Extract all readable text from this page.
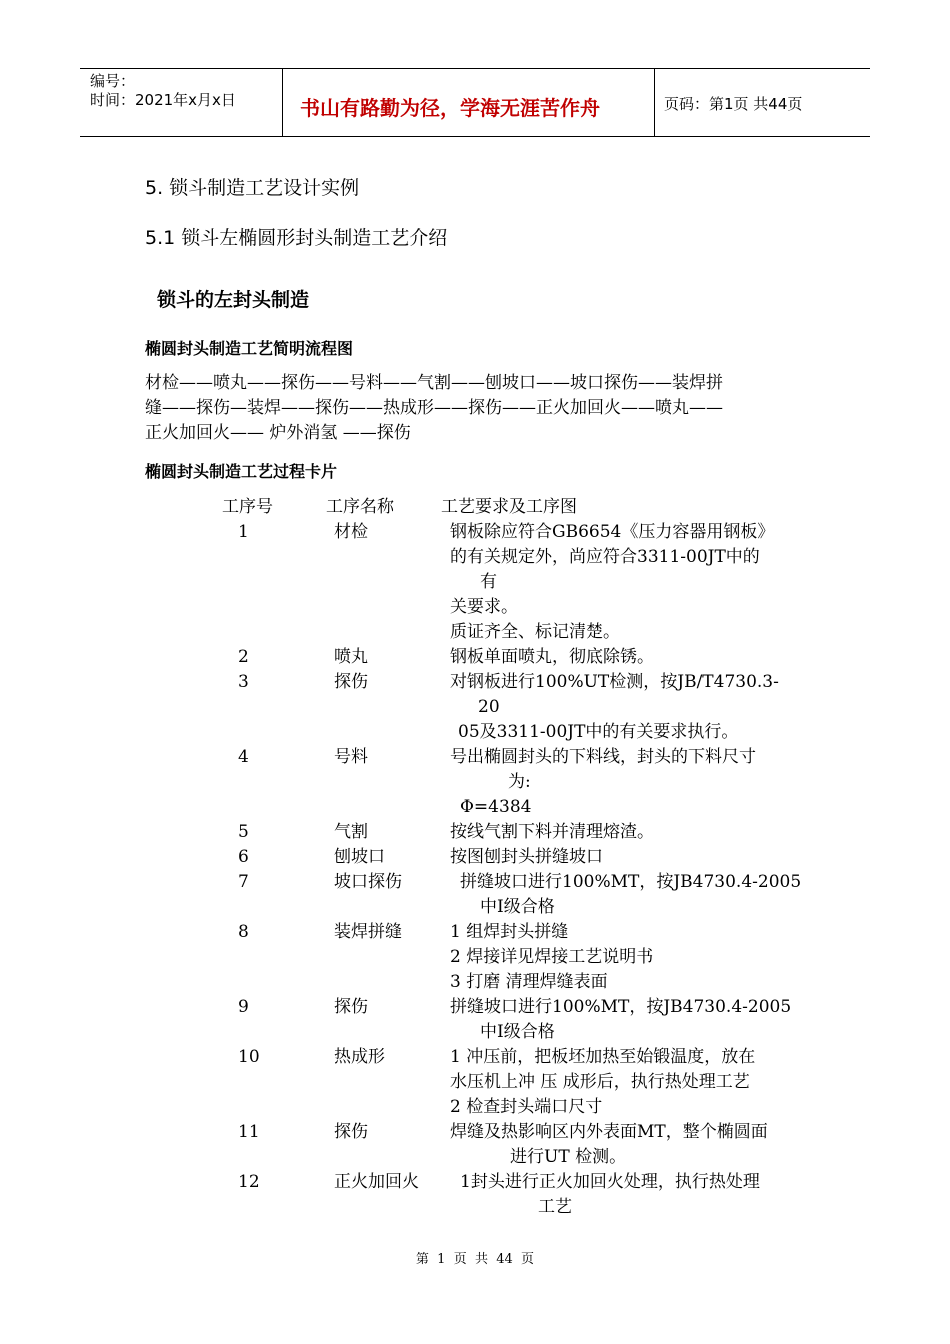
编号：
时间：2021年x月x日	书山有路勤为径，学海无涯苦作舟	页码：第1页 共44页
5. 锁斗制造工艺设计实例
5.1 锁斗左椭圆形封头制造工艺介绍
锁斗的左封头制造
椭圆封头制造工艺简明流程图
材检——喷丸——探伤——号料——气割——刨坡口——坡口探伤——装焊拼
缝——探伤—装焊——探伤——热成形——探伤——正火加回火——喷丸——
正火加回火—— 炉外消氢 ——探伤
椭圆封头制造工艺过程卡片
工序号	工序名称	工艺要求及工序图
1	材检	钢板除应符合GB6654《压力容器用钢板》
的有关规定外，尚应符合3311-00JT中的
有
关要求。
质证齐全、标记清楚。
2	喷丸	钢板单面喷丸，彻底除锈。
3	探伤	对钢板进行100%UT检测，按JB/T4730.3-
20
05及3311-00JT中的有关要求执行。
4	号料	号出椭圆封头的下料线，封头的下料尺寸
为:
Φ=4384
5	气割	按线气割下料并清理熔渣。
6	刨坡口	按图刨封头拼缝坡口
7	坡口探伤	拼缝坡口进行100%MT，按JB4730.4-2005
中Ⅰ级合格
8	装焊拼缝	1 组焊封头拼缝
2 焊接详见焊接工艺说明书
3 打磨 清理焊缝表面
9	探伤	拼缝坡口进行100%MT，按JB4730.4-2005
中Ⅰ级合格
10	热成形	1 冲压前，把板坯加热至始锻温度，放在
水压机上冲 压 成形后，执行热处理工艺
2 检查封头端口尺寸
11	探伤	焊缝及热影响区内外表面MT，整个椭圆面
进行UT 检测。
12	正火加回火 1封头进行正火加回火处理，执行热处理
工艺
第  1  页  共  44  页
